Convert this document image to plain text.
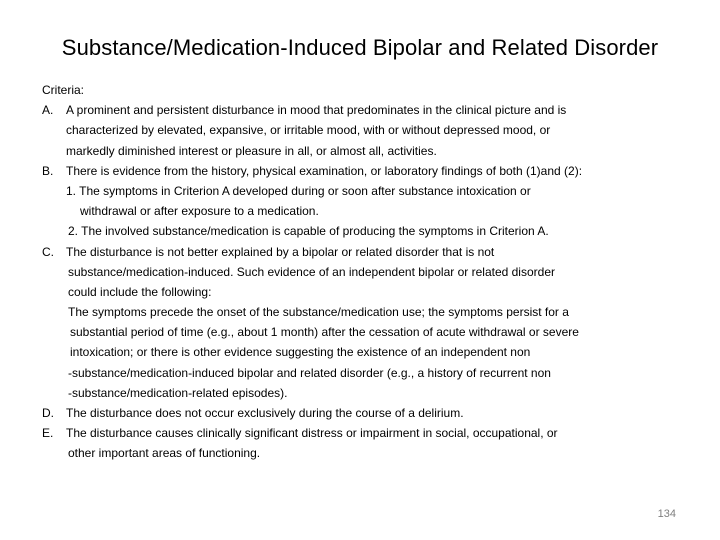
Substance/Medication-Induced Bipolar and Related Disorder
Criteria:
A. A prominent and persistent disturbance in mood that predominates in the clinical picture and is
characterized by elevated, expansive, or irritable mood, with or without depressed mood, or
markedly diminished interest or pleasure in all, or almost all, activities.
B. There is evidence from the history, physical examination, or laboratory findings of both (1)and (2):
1. The symptoms in Criterion A developed during or soon after substance intoxication or
withdrawal or after exposure to a medication.
2. The involved substance/medication is capable of producing the symptoms in Criterion A.
C. The disturbance is not better explained by a bipolar or related disorder that is not
substance/medication-induced. Such evidence of an independent bipolar or related disorder
could include the following:
The symptoms precede the onset of the substance/medication use; the symptoms persist for a
substantial period of time (e.g., about 1 month) after the cessation of acute withdrawal or severe
intoxication; or there is other evidence suggesting the existence of an independent non
-substance/medication-induced bipolar and related disorder (e.g., a history of recurrent non
-substance/medication-related episodes).
D. The disturbance does not occur exclusively during the course of a delirium.
E. The disturbance causes clinically significant distress or impairment in social, occupational, or
other important areas of functioning.
134
